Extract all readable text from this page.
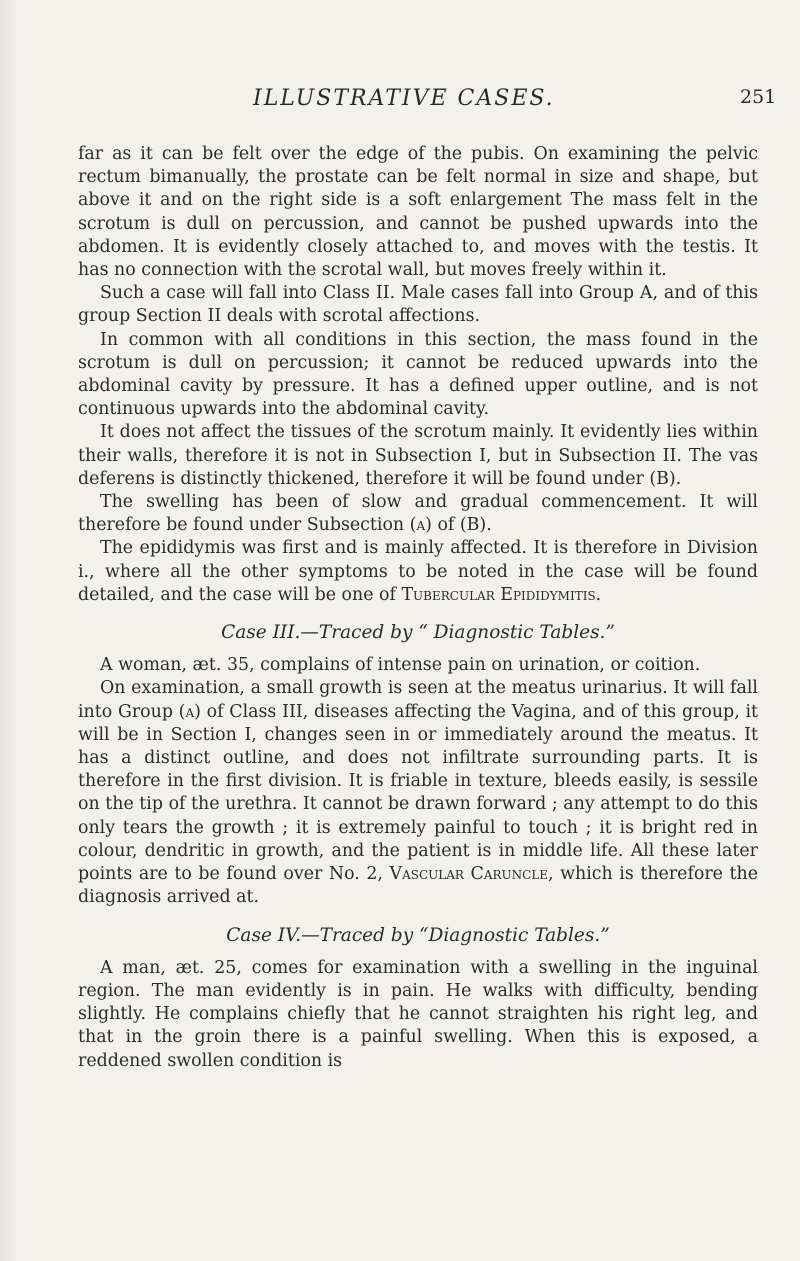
ILLUSTRATIVE CASES.	251

far as it can be felt over the edge of the pubis. On examining the pelvic rectum bimanually, the prostate can be felt normal in size and shape, but above it and on the right side is a soft enlargement The mass felt in the scrotum is dull on percussion, and cannot be pushed upwards into the abdomen. It is evidently closely attached to, and moves with the testis. It has no connection with the scrotal wall, but moves freely within it.

Such a case will fall into Class II. Male cases fall into Group A, and of this group Section II deals with scrotal affections.

In common with all conditions in this section, the mass found in the scrotum is dull on percussion; it cannot be reduced upwards into the abdominal cavity by pressure. It has a defined upper outline, and is not continuous upwards into the abdominal cavity.

It does not affect the tissues of the scrotum mainly. It evidently lies within their walls, therefore it is not in Subsection I, but in Subsection II. The vas deferens is distinctly thickened, therefore it will be found under (B).

The swelling has been of slow and gradual commencement. It will therefore be found under Subsection (a) of (B).

The epididymis was first and is mainly affected. It is therefore in Division i., where all the other symptoms to be noted in the case will be found detailed, and the case will be one of Tubercular Epididymitis.

Case III.—Traced by “ Diagnostic Tables.”

A woman, æt. 35, complains of intense pain on urination, or coition.

On examination, a small growth is seen at the meatus urinarius. It will fall into Group (a) of Class III, diseases affecting the Vagina, and of this group, it will be in Section I, changes seen in or immediately around the meatus. It has a distinct outline, and does not infiltrate surrounding parts. It is therefore in the first division. It is friable in texture, bleeds easily, is sessile on the tip of the urethra. It cannot be drawn forward ; any attempt to do this only tears the growth ; it is extremely painful to touch ; it is bright red in colour, dendritic in growth, and the patient is in middle life. All these later points are to be found over No. 2, Vascular Caruncle, which is therefore the diagnosis arrived at.

Case IV.—Traced by “Diagnostic Tables.”

A man, æt. 25, comes for examination with a swelling in the inguinal region. The man evidently is in pain. He walks with difficulty, bending slightly. He complains chiefly that he cannot straighten his right leg, and that in the groin there is a painful swelling. When this is exposed, a reddened swollen condition is
